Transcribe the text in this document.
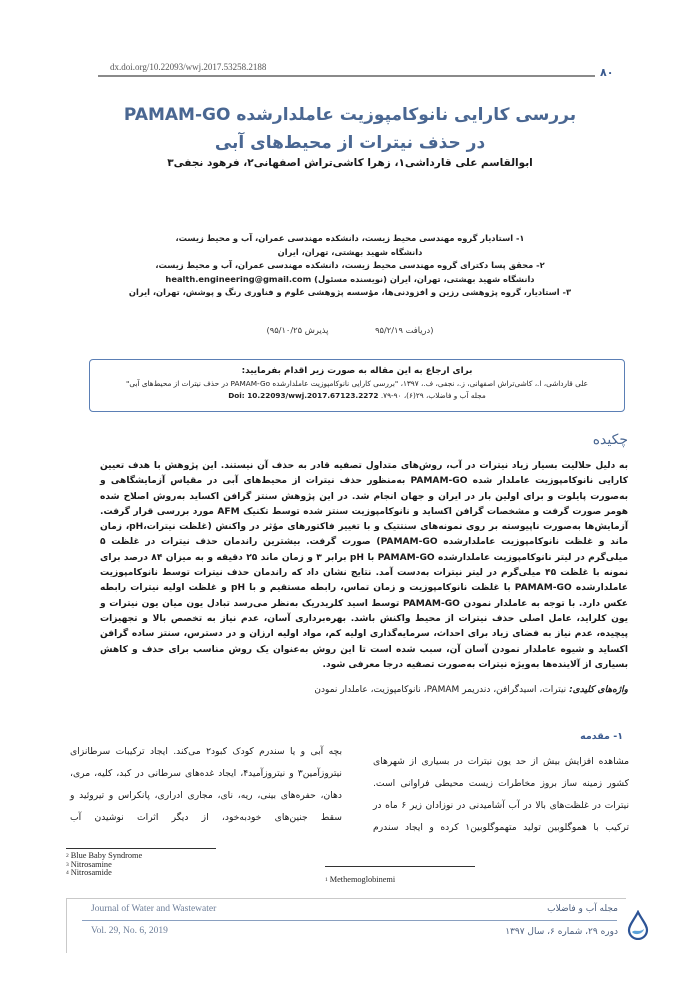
dx.doi.org/10.22093/wwj.2017.53258.2188	۸۰
بررسی کارایی نانوکامپوزیت عاملدارشده PAMAM-GO
در حذف نیترات از محیط‌های آبی
ابوالقاسم علی قارداشی۱، زهرا کاشی‌تراش اصفهانی۲، فرهود نجفی۳
۱- استادیار گروه مهندسی محیط زیست، دانشکده مهندسی عمران، آب و محیط زیست،
دانشگاه شهید بهشتی، تهران، ایران
۲- محقق پسا دکترای گروه مهندسی محیط زیست، دانشکده مهندسی عمران، آب و محیط زیست،
دانشگاه شهید بهشتی، تهران، ایران (نویسنده مسئول) health.engineering@gmail.com
۳- استادیار، گروه پژوهشی رزین و افزودنی‌ها، مؤسسه پژوهشی علوم و فناوری رنگ و پوشش، تهران، ایران
(دریافت ۹۵/۲/۱۹ پذیرش ۹۵/۱۰/۲۵)
برای ارجاع به این مقاله به صورت زیر اقدام بفرمایید:
علی قارداشی، ا.، کاشی‌تراش اصفهانی، ز.، نجفی، ف.، ۱۳۹۷، "بررسی کارایی نانوکامپوزیت عاملدارشده PAMAM-Go در حذف نیترات از محیط‌های آبی"
مجله آب و فاضلاب، ۲۹(۶)، ۹۰-۷۹. Doi: 10.22093/wwj.2017.67123.2272
چکیده
به دلیل حلالیت بسیار زیاد نیترات در آب، روش‌های متداول تصفیه قادر به حذف آن نیستند. این پژوهش با هدف تعیین کارایی نانوکامپوزیت عاملدار شده PAMAM-GO به‌منظور حذف نیترات از محیط‌های آبی در مقیاس آزمایشگاهی و به‌صورت پایلوت و برای اولین بار در ایران و جهان انجام شد. در این پژوهش سنتز گرافن اکساید به‌روش اصلاح شده هومر صورت گرفت و مشخصات گرافن اکساید و نانوکامپوزیت سنتز شده توسط تکنیک AFM مورد بررسی قرار گرفت. آزمایش‌ها به‌صورت ناپیوسته بر روی نمونه‌های سنتتیک و با تغییر فاکتورهای مؤثر در واکنش (غلظت نیترات،pH، زمان ماند و غلظت نانوکامپوزیت عاملدارشده PAMAM-GO) صورت گرفت. بیشترین راندمان حذف نیترات در غلظت ۵ میلی‌گرم در لیتر نانوکامپوزیت عاملدارشده PAMAM-GO با pH برابر ۳ و زمان ماند ۲۵ دقیقه و به میزان ۸۴ درصد برای نمونه با غلظت ۴۵ میلی‌گرم در لیتر نیترات به‌دست آمد. نتایج نشان داد که راندمان حذف نیترات توسط نانوکامپوزیت عاملدارشده PAMAM-GO با غلظت نانوکامپوزیت و زمان تماس، رابطه مستقیم و با pH و غلظت اولیه نیترات رابطه عکس دارد. با توجه به عاملدار نمودن PAMAM-GO توسط اسید کلریدریک به‌نظر می‌رسد تبادل یون میان یون نیترات و یون کلراید، عامل اصلی حذف نیترات از محیط واکنش باشد. بهره‌برداری آسان، عدم نیاز به تخصص بالا و تجهیزات پیچیده، عدم نیاز به فضای زیاد برای احداث، سرمایه‌گذاری اولیه کم، مواد اولیه ارزان و در دسترس، سنتز ساده گرافن اکساید و شیوه عاملدار نمودن آسان آن، سبب شده است تا این روش به‌عنوان یک روش مناسب برای حذف و کاهش بسیاری از آلاینده‌ها به‌ویژه نیترات به‌صورت تصفیه درجا معرفی شود.
واژه‌های کلیدی: نیترات، اسیدگرافن، دندریمر PAMAM، نانوکامپوزیت، عاملدار نمودن
۱- مقدمه
مشاهده افزایش بیش از حد یون نیترات در بسیاری از شهرهای کشور زمینه ساز بروز مخاطرات زیست محیطی فراوانی است. نیترات در غلظت‌های بالا در آب آشامیدنی در نوزادان زیر ۶ ماه در ترکیب با هموگلوبین تولید متهموگلوبین۱ کرده و ایجاد سندرم
بچه آبی و یا سندرم کودک کبود۲ می‌کند. ایجاد ترکیبات سرطانزای نیتروزآمین۳ و نیتروزآمید۴، ایجاد غده‌های سرطانی در کبد، کلیه، مری، دهان، حفره‌های بینی، ریه، نای، مجاری ادراری، پانکراس و تیروئید و سقط جنین‌های خودبه‌خود، از دیگر اثرات نوشیدن آب
$^2$ Blue Baby Syndrome
$^3$ Nitrosamine
$^4$ Nitrosamide
$^1$ Methemoglobinemi
Journal of Water and Wastewater
Vol. 29, No. 6, 2019
مجله آب و فاضلاب
دوره ۲۹، شماره ۶، سال ۱۳۹۷
